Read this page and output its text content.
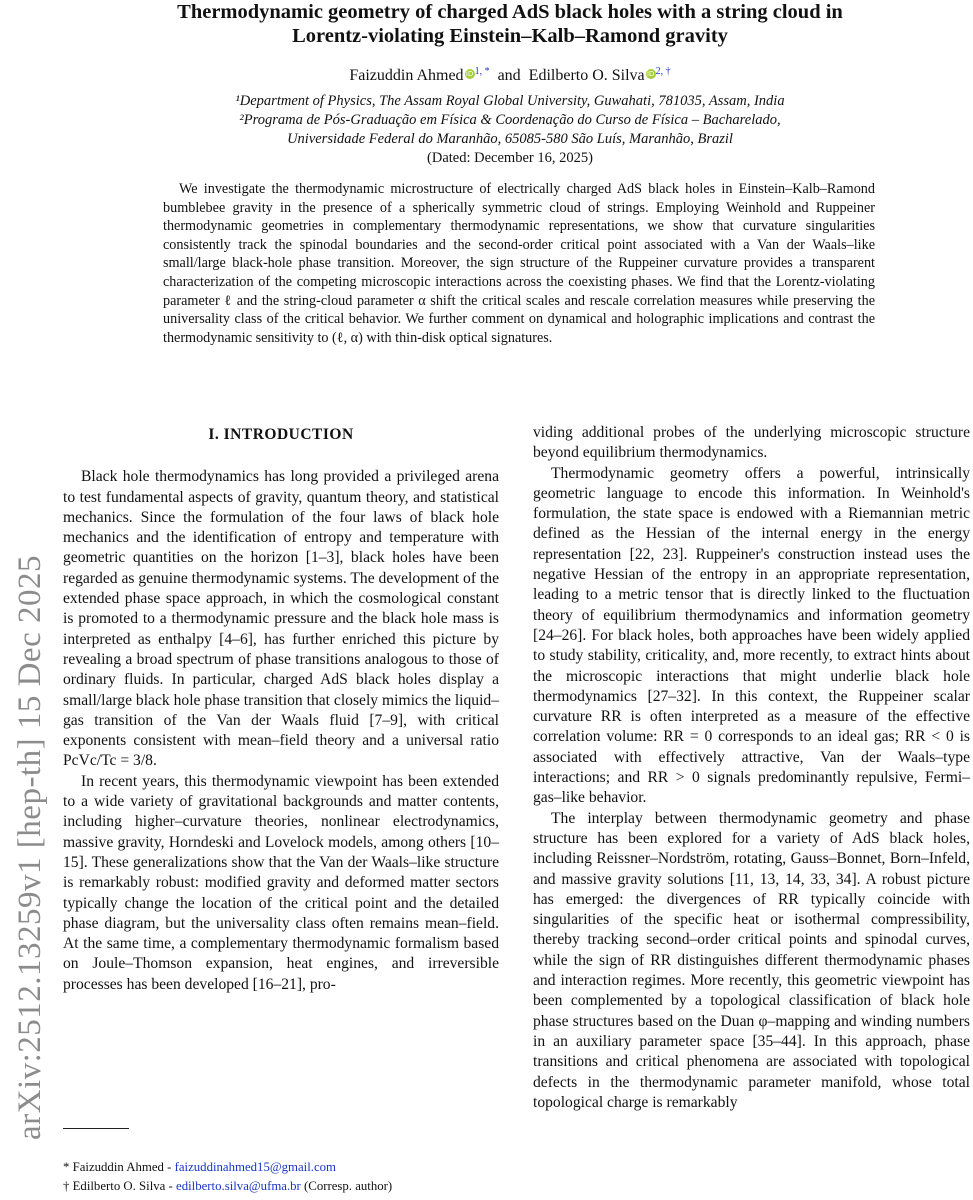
arXiv:2512.13259v1 [hep-th] 15 Dec 2025
Thermodynamic geometry of charged AdS black holes with a string cloud in
Lorentz-violating Einstein–Kalb–Ramond gravity
Faizuddin Ahmed $iD^{1, *}$ and Edilberto O. Silva $iD^{2, \dagger}$
¹Department of Physics, The Assam Royal Global University, Guwahati, 781035, Assam, India
²Programa de Pós-Graduação em Física & Coordenação do Curso de Física – Bacharelado,
Universidade Federal do Maranhão, 65085-580 São Luís, Maranhão, Brazil
(Dated: December 16, 2025)

We investigate the thermodynamic microstructure of electrically charged AdS black holes in Einstein–Kalb–Ramond bumblebee gravity in the presence of a spherically symmetric cloud of strings. Employing Weinhold and Ruppeiner thermodynamic geometries in complementary thermodynamic representations, we show that curvature singularities consistently track the spinodal boundaries and the second-order critical point associated with a Van der Waals–like small/large black-hole phase transition. Moreover, the sign structure of the Ruppeiner curvature provides a transparent characterization of the competing microscopic interactions across the coexisting phases. We find that the Lorentz-violating parameter ℓ and the string-cloud parameter α shift the critical scales and rescale correlation measures while preserving the universality class of the critical behavior. We further comment on dynamical and holographic implications and contrast the thermodynamic sensitivity to (ℓ, α) with thin-disk optical signatures.

I. INTRODUCTION

Black hole thermodynamics has long provided a privileged arena to test fundamental aspects of gravity, quantum theory, and statistical mechanics. Since the formulation of the four laws of black hole mechanics and the identification of entropy and temperature with geometric quantities on the horizon [1–3], black holes have been regarded as genuine thermodynamic systems. The development of the extended phase space approach, in which the cosmological constant is promoted to a thermodynamic pressure and the black hole mass is interpreted as enthalpy [4–6], has further enriched this picture by revealing a broad spectrum of phase transitions analogous to those of ordinary fluids. In particular, charged AdS black holes display a small/large black hole phase transition that closely mimics the liquid–gas transition of the Van der Waals fluid [7–9], with critical exponents consistent with mean–field theory and a universal ratio PcVc/Tc = 3/8.

In recent years, this thermodynamic viewpoint has been extended to a wide variety of gravitational backgrounds and matter contents, including higher–curvature theories, nonlinear electrodynamics, massive gravity, Horndeski and Lovelock models, among others [10–15]. These generalizations show that the Van der Waals–like structure is remarkably robust: modified gravity and deformed matter sectors typically change the location of the critical point and the detailed phase diagram, but the universality class often remains mean–field. At the same time, a complementary thermodynamic formalism based on Joule–Thomson expansion, heat engines, and irreversible processes has been developed [16–21], pro-

viding additional probes of the underlying microscopic structure beyond equilibrium thermodynamics.

Thermodynamic geometry offers a powerful, intrinsically geometric language to encode this information. In Weinhold's formulation, the state space is endowed with a Riemannian metric defined as the Hessian of the internal energy in the energy representation [22, 23]. Ruppeiner's construction instead uses the negative Hessian of the entropy in an appropriate representation, leading to a metric tensor that is directly linked to the fluctuation theory of equilibrium thermodynamics and information geometry [24–26]. For black holes, both approaches have been widely applied to study stability, criticality, and, more recently, to extract hints about the microscopic interactions that might underlie black hole thermodynamics [27–32]. In this context, the Ruppeiner scalar curvature RR is often interpreted as a measure of the effective correlation volume: RR = 0 corresponds to an ideal gas; RR < 0 is associated with effectively attractive, Van der Waals–type interactions; and RR > 0 signals predominantly repulsive, Fermi–gas–like behavior.

The interplay between thermodynamic geometry and phase structure has been explored for a variety of AdS black holes, including Reissner–Nordström, rotating, Gauss–Bonnet, Born–Infeld, and massive gravity solutions [11, 13, 14, 33, 34]. A robust picture has emerged: the divergences of RR typically coincide with singularities of the specific heat or isothermal compressibility, thereby tracking second–order critical points and spinodal curves, while the sign of RR distinguishes different thermodynamic phases and interaction regimes. More recently, this geometric viewpoint has been complemented by a topological classification of black hole phase structures based on the Duan φ–mapping and winding numbers in an auxiliary parameter space [35–44]. In this approach, phase transitions and critical phenomena are associated with topological defects in the thermodynamic parameter manifold, whose total topological charge is remarkably

* Faizuddin Ahmed - faizuddinahmed15@gmail.com
† Edilberto O. Silva - edilberto.silva@ufma.br (Corresp. author)
